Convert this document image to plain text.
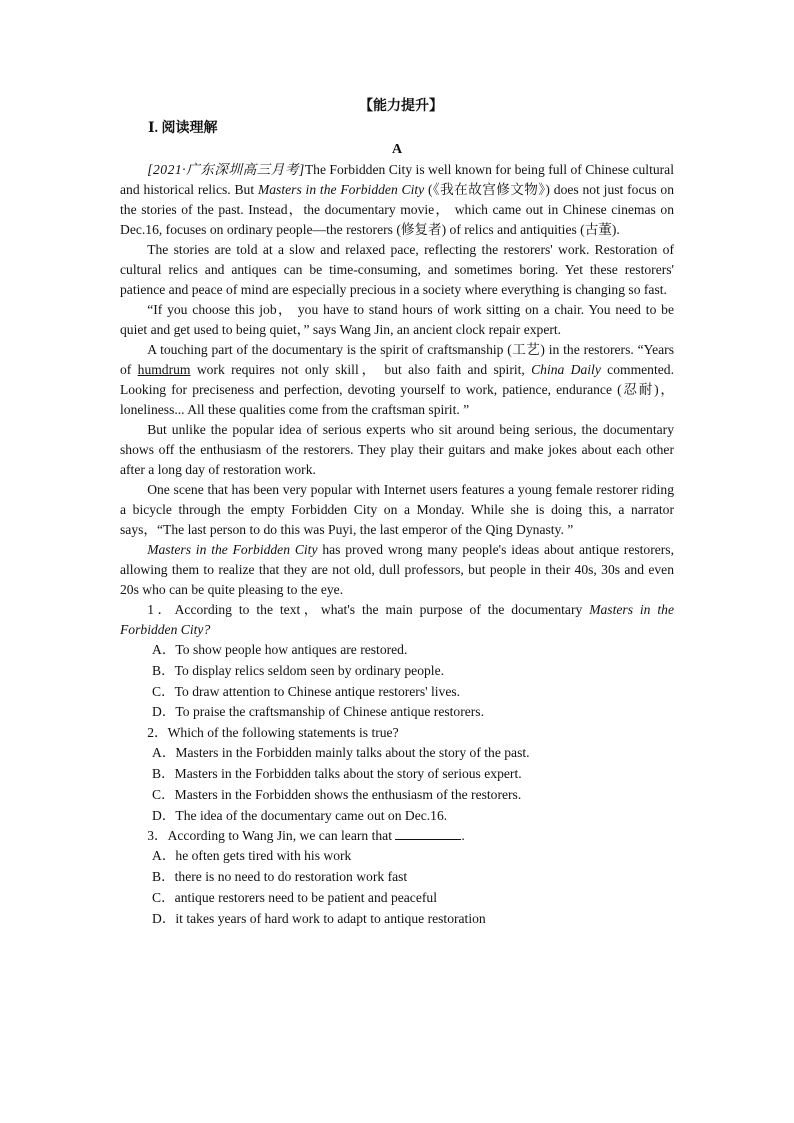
【能力提升】
Ⅰ. 阅读理解
A

[2021·广东深圳高三月考]The Forbidden City is well known for being full of Chinese cultural and historical relics. But Masters in the Forbidden City (《我在故宫修文物》) does not just focus on the stories of the past. Instead，the documentary movie， which came out in Chinese cinemas on Dec.16, focuses on ordinary people—the restorers (修复者) of relics and antiquities (古董).

The stories are told at a slow and relaxed pace, reflecting the restorers' work. Restoration of cultural relics and antiques can be time-consuming, and sometimes boring. Yet these restorers' patience and peace of mind are especially precious in a society where everything is changing so fast.

“If you choose this job， you have to stand hours of work sitting on a chair. You need to be quiet and get used to being quiet，” says Wang Jin, an ancient clock repair expert.

A touching part of the documentary is the spirit of craftsmanship (工艺) in the restorers. “Years of humdrum work requires not only skill， but also faith and spirit, China Daily commented. Looking for preciseness and perfection, devoting yourself to work, patience, endurance (忍耐)，loneliness... All these qualities come from the craftsman spirit. ”

But unlike the popular idea of serious experts who sit around being serious, the documentary shows off the enthusiasm of the restorers. They play their guitars and make jokes about each other after a long day of restoration work.

One scene that has been very popular with Internet users features a young female restorer riding a bicycle through the empty Forbidden City on a Monday. While she is doing this, a narrator says，“The last person to do this was Puyi, the last emperor of the Qing Dynasty. ”

Masters in the Forbidden City has proved wrong many people's ideas about antique restorers, allowing them to realize that they are not old, dull professors, but people in their 40s, 30s and even 20s who can be quite pleasing to the eye.

1．According to the text，what's the main purpose of the documentary Masters in the Forbidden City?
A．To show people how antiques are restored.
B．To display relics seldom seen by ordinary people.
C．To draw attention to Chinese antique restorers' lives.
D．To praise the craftsmanship of Chinese antique restorers.
2．Which of the following statements is true?
A．Masters in the Forbidden mainly talks about the story of the past.
B．Masters in the Forbidden talks about the story of serious expert.
C．Masters in the Forbidden shows the enthusiasm of the restorers.
D．The idea of the documentary came out on Dec.16.
3．According to Wang Jin, we can learn that	.
A．he often gets tired with his work
B．there is no need to do restoration work fast
C．antique restorers need to be patient and peaceful
D．it takes years of hard work to adapt to antique restoration
